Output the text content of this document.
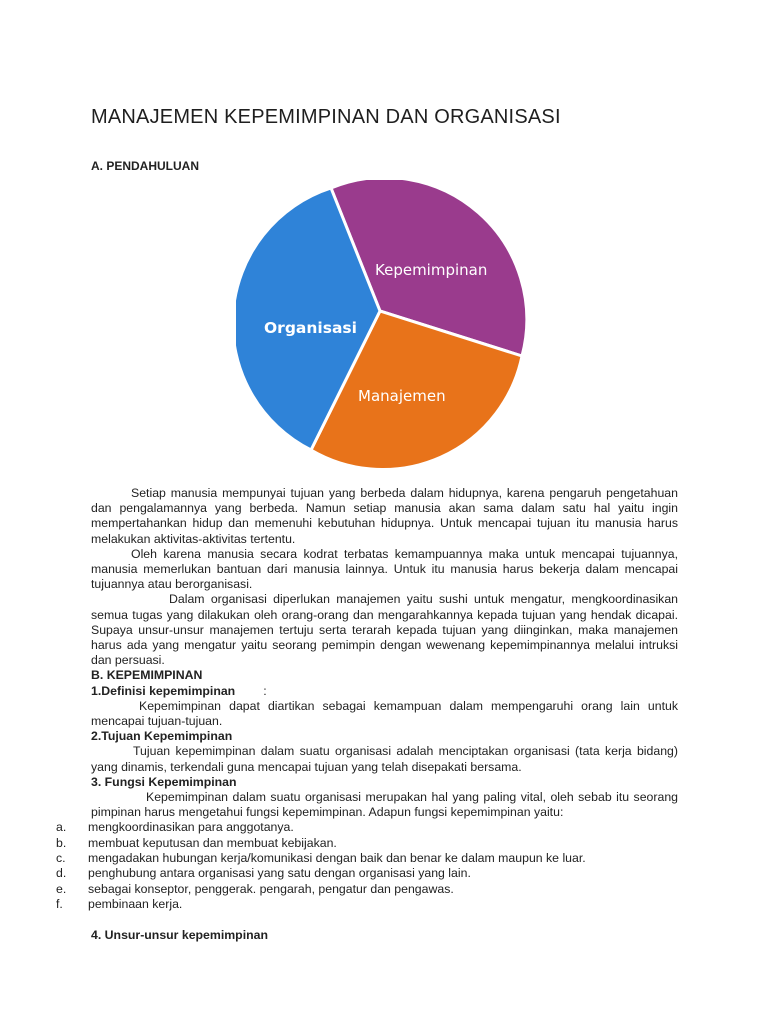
MANAJEMEN KEPEMIMPINAN DAN ORGANISASI
A. PENDAHULUAN
Kepemimpinan
Organisasi
Manajemen

Setiap manusia mempunyai tujuan yang berbeda dalam hidupnya, karena pengaruh pengetahuan dan pengalamannya yang berbeda. Namun setiap manusia akan sama dalam satu hal yaitu ingin mempertahankan hidup dan memenuhi kebutuhan hidupnya. Untuk mencapai tujuan itu manusia harus melakukan aktivitas-aktivitas tertentu.

Oleh karena manusia secara kodrat terbatas kemampuannya maka untuk mencapai tujuannya, manusia memerlukan bantuan dari manusia lainnya. Untuk itu manusia harus bekerja dalam mencapai tujuannya atau berorganisasi.

Dalam organisasi diperlukan manajemen yaitu sushi untuk mengatur, mengkoordinasikan semua tugas yang dilakukan oleh orang-orang dan mengarahkannya kepada tujuan yang hendak dicapai. Supaya unsur-unsur manajemen tertuju serta terarah kepada tujuan yang diinginkan, maka manajemen harus ada yang mengatur yaitu seorang pemimpin dengan wewenang kepemimpinannya melalui intruksi dan persuasi.

B. KEPEMIMPINAN

1.Definisi kepemimpinan :

Kepemimpinan dapat diartikan sebagai kemampuan dalam mempengaruhi orang lain untuk mencapai tujuan-tujuan.

2.Tujuan Kepemimpinan

Tujuan kepemimpinan dalam suatu organisasi adalah menciptakan organisasi (tata kerja bidang) yang dinamis, terkendali guna mencapai tujuan yang telah disepakati bersama.

3. Fungsi Kepemimpinan

Kepemimpinan dalam suatu organisasi merupakan hal yang paling vital, oleh sebab itu seorang pimpinan harus mengetahui fungsi kepemimpinan. Adapun fungsi kepemimpinan yaitu:

a. mengkoordinasikan para anggotanya.
b. membuat keputusan dan membuat kebijakan.
c. mengadakan hubungan kerja/komunikasi dengan baik dan benar ke dalam maupun ke luar.
d. penghubung antara organisasi yang satu dengan organisasi yang lain.
e. sebagai konseptor, penggerak. pengarah, pengatur dan pengawas.
f. pembinaan kerja.

4. Unsur-unsur kepemimpinan
